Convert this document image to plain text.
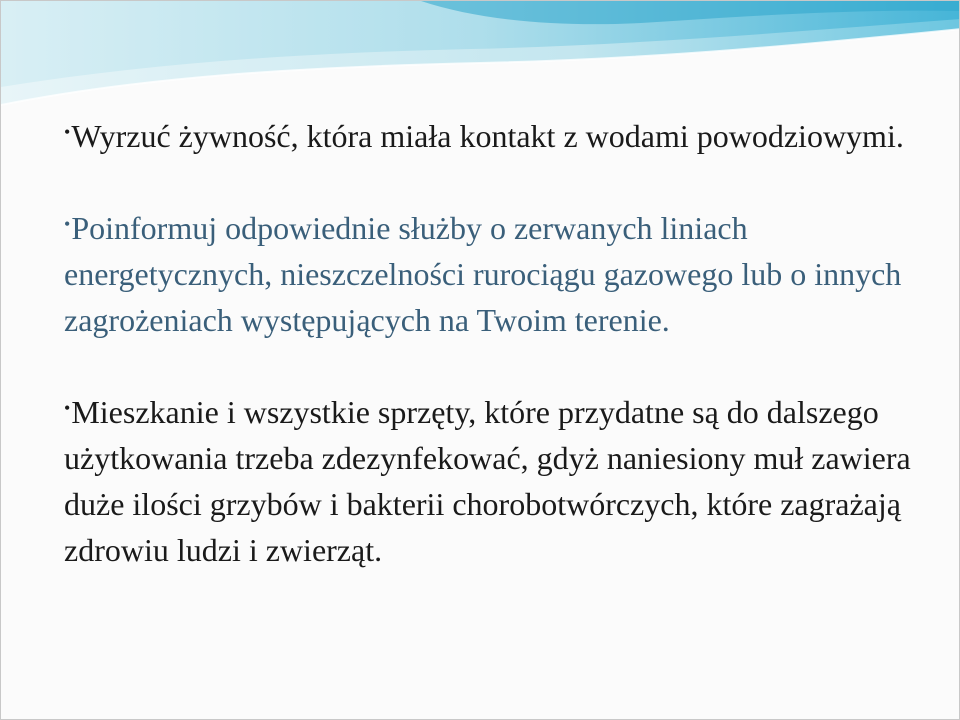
•Wyrzuć żywność, która miała kontakt z wodami powodziowymi.

•Poinformuj odpowiednie służby o zerwanych liniach energetycznych, nieszczelności rurociągu gazowego lub o innych zagrożeniach występujących na Twoim terenie.

•Mieszkanie i wszystkie sprzęty, które przydatne są do dalszego użytkowania trzeba zdezynfekować, gdyż naniesiony muł zawiera duże ilości grzybów i bakterii chorobotwórczych, które zagrażają zdrowiu ludzi i zwierząt.
